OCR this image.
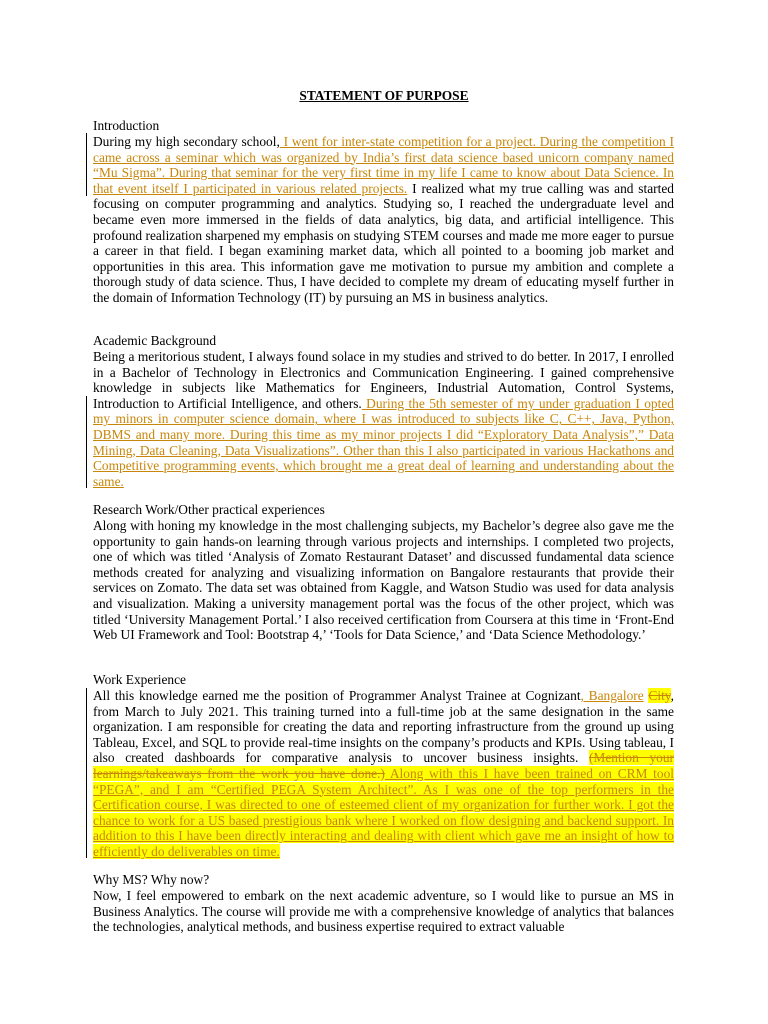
STATEMENT OF PURPOSE
Introduction

During my high secondary school, I went for inter-state competition for a project. During the competition I came across a seminar which was organized by India’s first data science based unicorn company named “Mu Sigma”. During that seminar for the very first time in my life I came to know about Data Science. In that event itself I participated in various related projects. I realized what my true calling was and started focusing on computer programming and analytics. Studying so, I reached the undergraduate level and became even more immersed in the fields of data analytics, big data, and artificial intelligence. This profound realization sharpened my emphasis on studying STEM courses and made me more eager to pursue a career in that field. I began examining market data, which all pointed to a booming job market and opportunities in this area. This information gave me motivation to pursue my ambition and complete a thorough study of data science. Thus, I have decided to complete my dream of educating myself further in the domain of Information Technology (IT) by pursuing an MS in business analytics.

Academic Background

Being a meritorious student, I always found solace in my studies and strived to do better. In 2017, I enrolled in a Bachelor of Technology in Electronics and Communication Engineering. I gained comprehensive knowledge in subjects like Mathematics for Engineers, Industrial Automation, Control Systems, Introduction to Artificial Intelligence, and others. During the 5th semester of my under graduation I opted my minors in computer science domain, where I was introduced to subjects like C, C++, Java, Python, DBMS and many more. During this time as my minor projects I did “Exploratory Data Analysis”,” Data Mining, Data Cleaning, Data Visualizations”. Other than this I also participated in various Hackathons and Competitive programming events, which brought me a great deal of learning and understanding about the same.

Research Work/Other practical experiences

Along with honing my knowledge in the most challenging subjects, my Bachelor’s degree also gave me the opportunity to gain hands-on learning through various projects and internships. I completed two projects, one of which was titled ‘Analysis of Zomato Restaurant Dataset’ and discussed fundamental data science methods created for analyzing and visualizing information on Bangalore restaurants that provide their services on Zomato. The data set was obtained from Kaggle, and Watson Studio was used for data analysis and visualization. Making a university management portal was the focus of the other project, which was titled ‘University Management Portal.’ I also received certification from Coursera at this time in ‘Front-End Web UI Framework and Tool: Bootstrap 4,’ ‘Tools for Data Science,’ and ‘Data Science Methodology.’

Work Experience

All this knowledge earned me the position of Programmer Analyst Trainee at Cognizant, Bangalore City, from March to July 2021. This training turned into a full-time job at the same designation in the same organization. I am responsible for creating the data and reporting infrastructure from the ground up using Tableau, Excel, and SQL to provide real-time insights on the company’s products and KPIs. Using tableau, I also created dashboards for comparative analysis to uncover business insights. (Mention your learnings/takeaways from the work you have done.) Along with this I have been trained on CRM tool “PEGA”, and I am “Certified PEGA System Architect”. As I was one of the top performers in the Certification course, I was directed to one of esteemed client of my organization for further work. I got the chance to work for a US based prestigious bank where I worked on flow designing and backend support. In addition to this I have been directly interacting and dealing with client which gave me an insight of how to efficiently do deliverables on time.

Why MS? Why now?

Now, I feel empowered to embark on the next academic adventure, so I would like to pursue an MS in Business Analytics. The course will provide me with a comprehensive knowledge of analytics that balances the technologies, analytical methods, and business expertise required to extract valuable
